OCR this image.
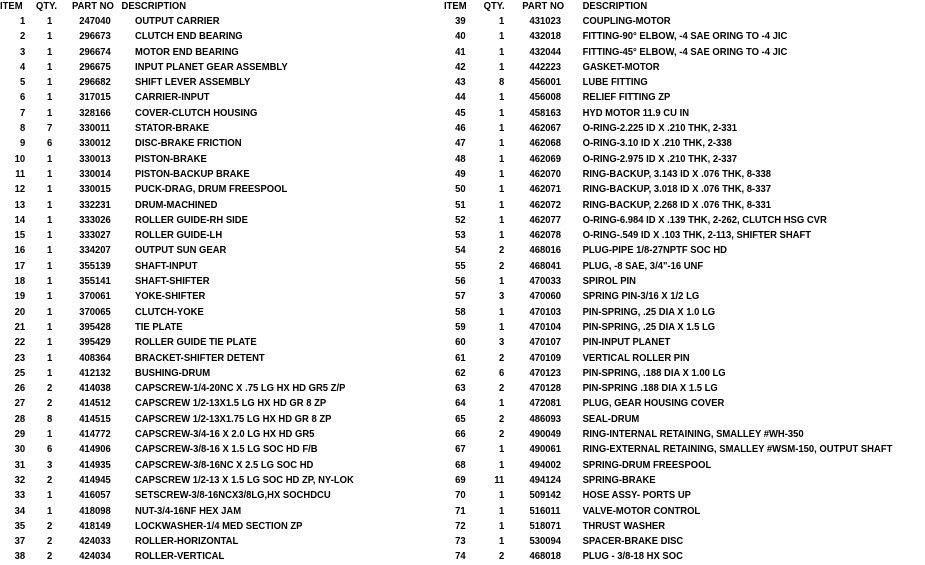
ITEM QTY. PART NO DESCRIPTION
1	1	247040 OUTPUT CARRIER
2	1	296673 CLUTCH END BEARING
3	1	296674 MOTOR END BEARING
4	1	296675 INPUT PLANET GEAR ASSEMBLY
5	1	296682 SHIFT LEVER ASSEMBLY
6	1	317015 CARRIER-INPUT
7	1	328166 COVER-CLUTCH HOUSING
8	7	330011 STATOR-BRAKE
9	6	330012 DISC-BRAKE FRICTION
10	1	330013 PISTON-BRAKE
11	1	330014 PISTON-BACKUP BRAKE
12	1	330015 PUCK-DRAG, DRUM FREESPOOL
13	1	332231 DRUM-MACHINED
14	1	333026 ROLLER GUIDE-RH SIDE
15	1	333027 ROLLER GUIDE-LH
16	1	334207 OUTPUT SUN GEAR
17	1	355139 SHAFT-INPUT
18	1	355141 SHAFT-SHIFTER
19	1	370061 YOKE-SHIFTER
20	1	370065 CLUTCH-YOKE
21	1	395428 TIE PLATE
22	1	395429 ROLLER GUIDE TIE PLATE
23	1	408364 BRACKET-SHIFTER DETENT
25	1	412132 BUSHING-DRUM
26	2	414038 CAPSCREW-1/4-20NC X .75 LG HX HD GR5 Z/P
27	2	414512 CAPSCREW 1/2-13X1.5 LG HX HD GR 8 ZP
28	8	414515 CAPSCREW 1/2-13X1.75 LG HX HD GR 8 ZP
29	1	414772 CAPSCREW-3/4-16 X 2.0 LG HX HD GR5
30	6	414906 CAPSCREW-3/8-16 X 1.5 LG SOC HD F/B
31	3	414935 CAPSCREW-3/8-16NC X 2.5 LG SOC HD
32	2	414945 CAPSCREW 1/2-13 X 1.5 LG SOC HD ZP, NY-LOK
33	1	416057 SETSCREW-3/8-16NCX3/8LG,HX SOCHDCU
34	1	418098 NUT-3/4-16NF HEX JAM
35	2	418149 LOCKWASHER-1/4 MED SECTION ZP
37	2	424033 ROLLER-HORIZONTAL
38	2	424034 ROLLER-VERTICAL
ITEM QTY. PART NO DESCRIPTION
39	1 431023 COUPLING-MOTOR
40	1 432018 FITTING-90° ELBOW, -4 SAE ORING TO -4 JIC
41	1 432044 FITTING-45° ELBOW, -4 SAE ORING TO -4 JIC
42	1 442223 GASKET-MOTOR
43	8 456001 LUBE FITTING
44	1 456008 RELIEF FITTING ZP
45	1 458163 HYD MOTOR 11.9 CU IN
46	1 462067 O-RING-2.225 ID X .210 THK, 2-331
47	1 462068 O-RING-3.10 ID X .210 THK, 2-338
48	1 462069 O-RING-2.975 ID X .210 THK, 2-337
49	1 462070 RING-BACKUP, 3.143 ID X .076 THK, 8-338
50	1 462071 RING-BACKUP, 3.018 ID X .076 THK, 8-337
51	1 462072 RING-BACKUP, 2.268 ID X .076 THK, 8-331
52	1 462077 O-RING-6.984 ID X .139 THK, 2-262, CLUTCH HSG CVR
53	1 462078 O-RING-.549 ID X .103 THK, 2-113, SHIFTER SHAFT
54	2 468016 PLUG-PIPE 1/8-27NPTF SOC HD
55	2 468041 PLUG, -8 SAE, 3/4"-16 UNF
56	1 470033 SPIROL PIN
57	3 470060 SPRING PIN-3/16 X 1/2 LG
58	1 470103 PIN-SPRING, .25 DIA X 1.0 LG
59	1 470104 PIN-SPRING, .25 DIA X 1.5 LG
60	3 470107 PIN-INPUT PLANET
61	2 470109 VERTICAL ROLLER PIN
62	6 470123 PIN-SPRING, .188 DIA X 1.00 LG
63	2 470128 PIN-SPRING .188 DIA X 1.5 LG
64	1 472081 PLUG, GEAR HOUSING COVER
65	2 486093 SEAL-DRUM
66	2 490049 RING-INTERNAL RETAINING, SMALLEY #WH-350
67	1 490061 RING-EXTERNAL RETAINING, SMALLEY #WSM-150, OUTPUT SHAFT
68	1 494002 SPRING-DRUM FREESPOOL
69	11 494124 SPRING-BRAKE
70	1 509142 HOSE ASSY- PORTS UP
71	1 516011 VALVE-MOTOR CONTROL
72	1 518071 THRUST WASHER
73	1 530094 SPACER-BRAKE DISC
74	2 468018 PLUG - 3/8-18 HX SOC
